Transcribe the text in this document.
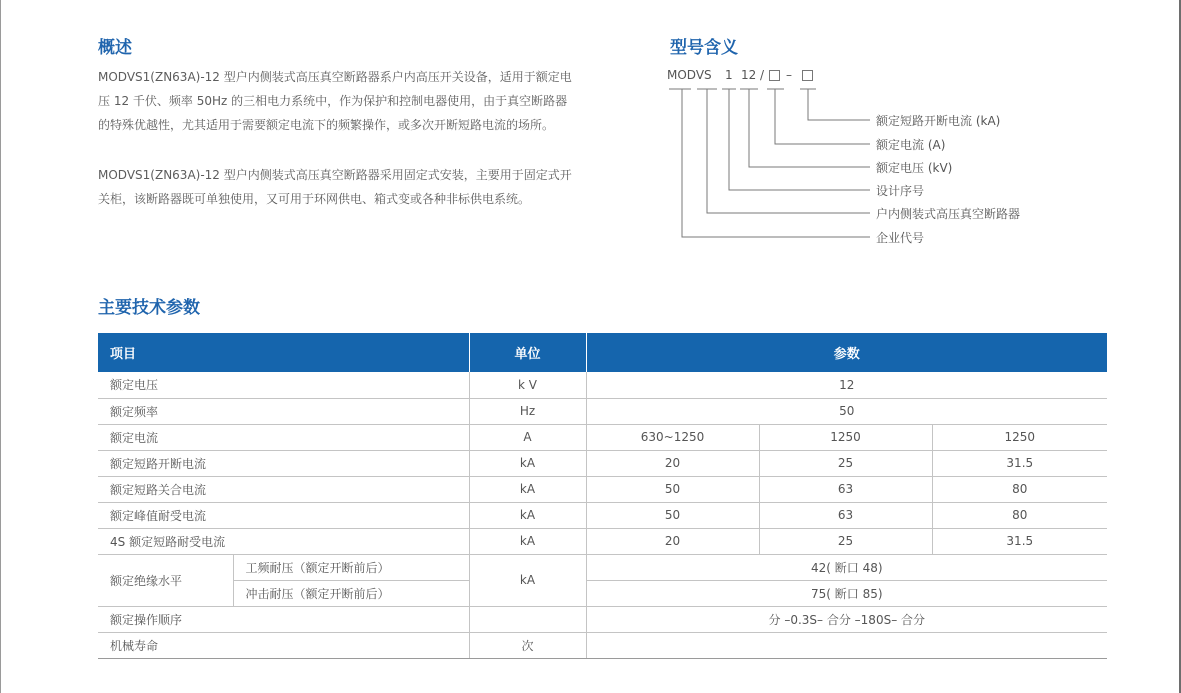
概述

MODVS1(ZN63A)-12 型户内侧装式高压真空断路器系户内高压开关设备，适用于额定电压 12 千伏、频率 50Hz 的三相电力系统中，作为保护和控制电器使用，由于真空断路器的特殊优越性，尤其适用于需要额定电流下的频繁操作，或多次开断短路电流的场所。

MODVS1(ZN63A)-12 型户内侧装式高压真空断路器采用固定式安装，主要用于固定式开关柜，该断路器既可单独使用，又可用于环网供电、箱式变或各种非标供电系统。

型号含义
MODVS 1 12 / –
额定短路开断电流 (kA)
额定电流 (A)
额定电压 (kV)
设计序号
户内侧装式高压真空断路器
企业代号
主要技术参数
项目		单位	参数		
额定电压		k V	12		
额定频率		Hz	50		
额定电流		A	630~1250	1250	1250
额定短路开断电流		kA	20	25	31.5
额定短路关合电流		kA	50	63	80
额定峰值耐受电流		kA	50	63	80
4S 额定短路耐受电流		kA	20	25	31.5
额定绝缘水平	工频耐压（额定开断前后）	kA	42( 断口 48)		
	冲击耐压（额定开断前后）		75( 断口 85)		
额定操作顺序			分 –0.3S– 合分 –180S– 合分		
机械寿命		次			
